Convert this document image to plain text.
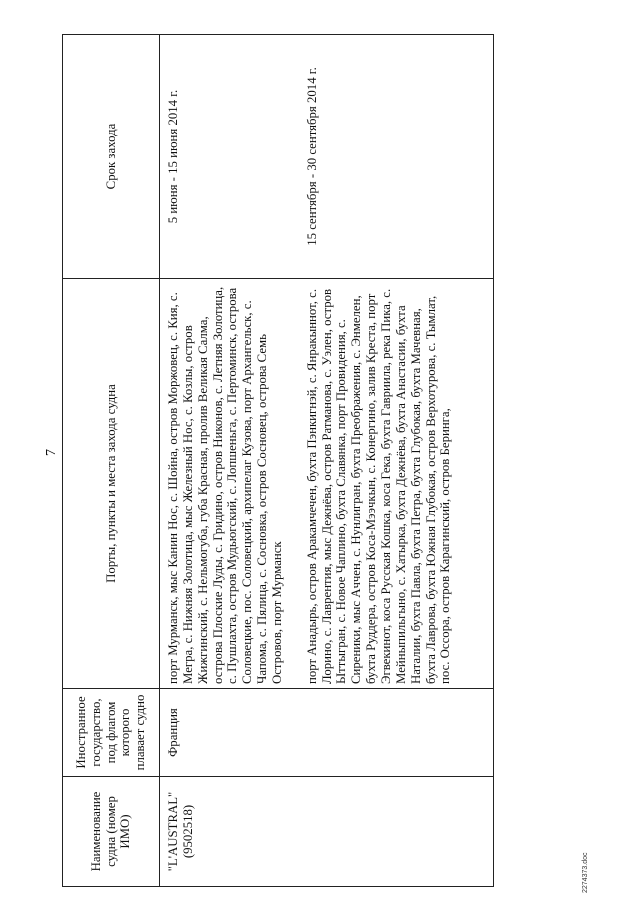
7
Наименование судна (номер ИМО)	Иностранное государство, под флагом которого плавает судно	Порты, пункты и места захода судна	Срок захода

"L'AUSTRAL" (9502518)	Франция	порт Мурманск, мыс Канин Нос, с. Шойна, остров Моржовец, с. Кия, с. Мегра, с. Нижняя Золотица, мыс Железный Нос, с. Козлы, остров Жижгинский, с. Нельмогуба, губа Красная, пролив Великая Салма, острова Плоские Луды, с. Гридино, остров Никонов, с. Летняя Золотица, с. Пушлахта, остров Мудьюгский, с. Лопшеньга, с. Пертоминск, острова Соловецкие, пос. Соловецкий, архипелаг Кузова, порт Архангельск, с. Чапома, с. Пялица, с. Сосновка, остров Сосновец, острова Семь Островов, порт Мурманск	5 июня - 15 июня 2014 г.

		порт Анадырь, остров Аракамчечен, бухта Пэнкигнэй, с. Янракыннот, с. Лорино, с. Лаврентия, мыс Дежнёва, остров Ратманова, с. Уэлен, остров Ыттыгран, с. Новое Чаплино, бухта Славянка, порт Провидения, с. Сиреники, мыс Аччен, с. Нунлигран, бухта Преображения, с. Энмелен, бухта Руддера, остров Коса-Мээчкын, с. Конергино, залив Креста, порт Эгвекинот, коса Русская Кошка, коса Гека, бухта Гавриила, река Пика, с. Мейныпильгыно, с. Хатырка, бухта Дежнёва, бухта Анастасии, бухта Наталии, бухта Павла, бухта Петра, бухта Глубокая, бухта Мачевная, бухта Лаврова, бухта Южная Глубокая, остров Верхотурова, с. Тымлат, пос. Оссора, остров Карагинский, остров Беринга,	15 сентября - 30 сентября 2014 г.
2274373.doc
